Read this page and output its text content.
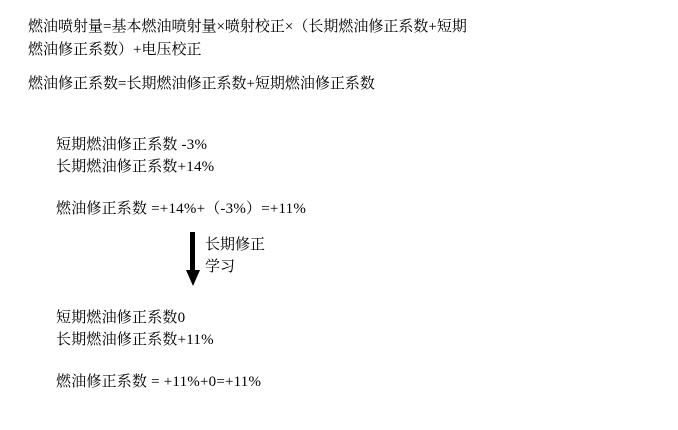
燃油喷射量=基本燃油喷射量×喷射校正×（长期燃油修正系数+短期
燃油修正系数）+电压校正
燃油修正系数=长期燃油修正系数+短期燃油修正系数
短期燃油修正系数 -3%
长期燃油修正系数+14%
燃油修正系数 =+14%+（-3%）=+11%
长期修正
学习
短期燃油修正系数0
长期燃油修正系数+11%
燃油修正系数 = +11%+0=+11%
